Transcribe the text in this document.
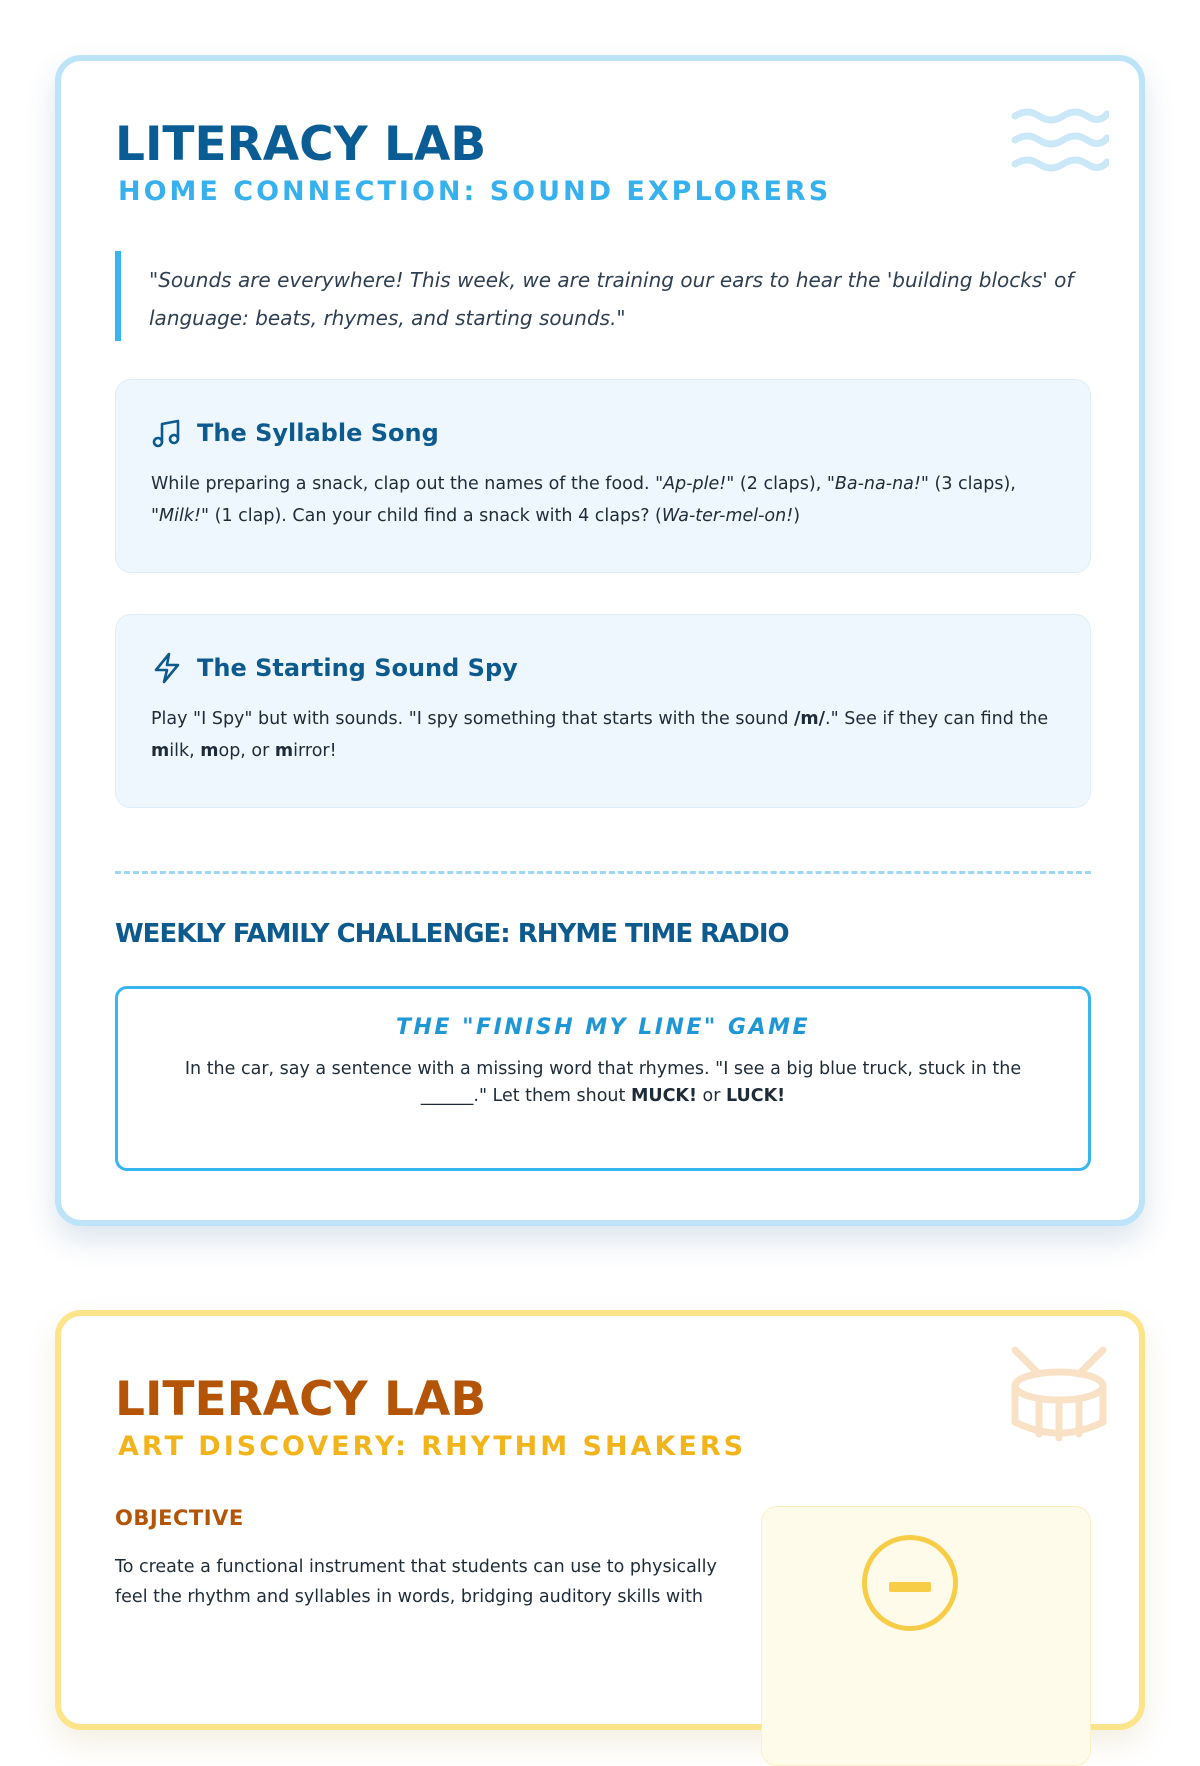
LITERACY LAB
HOME CONNECTION: SOUND EXPLORERS
"Sounds are everywhere! This week, we are training our ears to hear the 'building blocks' of language: beats, rhymes, and starting sounds."
The Syllable Song
While preparing a snack, clap out the names of the food. "Ap-ple!" (2 claps), "Ba-na-na!" (3 claps), "Milk!" (1 clap). Can your child find a snack with 4 claps? (Wa-ter-mel-on!)
The Starting Sound Spy
Play "I Spy" but with sounds. "I spy something that starts with the sound /m/." See if they can find the milk, mop, or mirror!
WEEKLY FAMILY CHALLENGE: RHYME TIME RADIO
THE "FINISH MY LINE" GAME
In the car, say a sentence with a missing word that rhymes. "I see a big blue truck, stuck in the ______." Let them shout MUCK! or LUCK!
LITERACY LAB
ART DISCOVERY: RHYTHM SHAKERS
OBJECTIVE

To create a functional instrument that students can use to physically feel the rhythm and syllables in words, bridging auditory skills with
